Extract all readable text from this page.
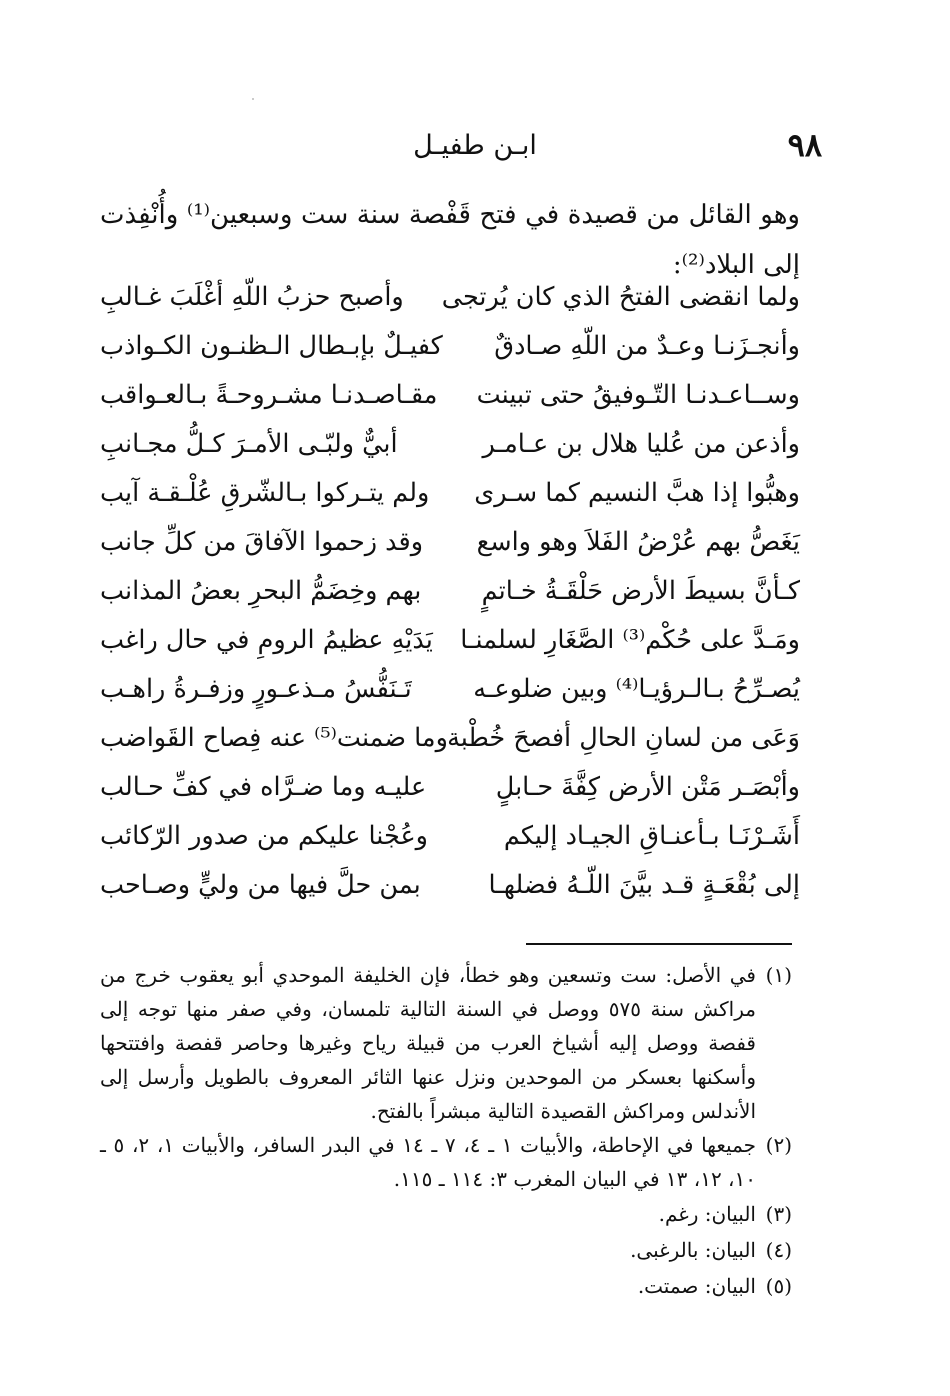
٩٨
ابـن طفيـل

وهو القائل من قصيدة في فتح قَفْصة سنة ست وسبعين⁽¹⁾ وأُنْفِذت إلى البلاد⁽²⁾:

ولما انقضى الفتحُ الذي كان يُرتجى
وأصبح حزبُ اللّهِ أغْلَبَ غـالبِ
وأنجـزَنـا وعـدٌ من اللّهِ صـادقٌ
كفيـلٌ بإبـطال الـظنـون الكـواذب
وســاعـدنـا التّـوفيقُ حتى تبينت
مقـاصـدنـا مشـروحـةً بـالعـواقب
وأذعن من عُليا هلال بن عـامـر
أبيٌّ ولبّـى الأمـرَ كـلُّ مجـانبِ
وهبُّوا إذا هبَّ النسيم كما سـرى
ولم يتـركوا بـالشّرقِ عُلْـقـة آيب
يَغَصُّ بهم عُرْضُ الفَلاَ وهو واسع
وقد زحموا الآفاقَ من كلِّ جانب
كـأنَّ بسيطَ الأرض حَلْقَـةُ خـاتمٍ
بهم وخِضَمُّ البحرِ بعضُ المذانب
ومَـدَّ على حُكْم⁽³⁾ الصَّغَارِ لسلمنـا
يَدَيْهِ عظيمُ الرومِ في حال راغب
يُصـرِّحُ بـالـرؤيـا⁽⁴⁾ وبين ضلوعـه
تَـنَفُّسُ مـذعـورٍ وزفـرةُ راهـب
وَعَى من لسانِ الحالِ أفصحَ خُطْبة
وما ضمنت⁽⁵⁾ عنه فِصاح القَواضب
وأبْصَـر مَتْن الأرض كِفَّةَ حـابلٍ
عليـه وما ضـرَّاه في كفِّ حـالب
أَشَـرْنَـا بـأعنـاقِ الجيـاد إليكم
وعُجْنا عليكم من صدور الرّكائب
إلى بُقْعَـةٍ قـد بيَّنَ اللّـهُ فضلهـا
بمن حلَّ فيها من وليٍّ وصـاحب
(١)
في الأصل: ست وتسعين وهو خطأ، فإن الخليفة الموحدي أبو يعقوب خرج من مراكش سنة ٥٧٥ ووصل في السنة التالية تلمسان، وفي صفر منها توجه إلى قفصة ووصل إليه أشياخ العرب من قبيلة رياح وغيرها وحاصر قفصة وافتتحها وأسكنها بعسكر من الموحدين ونزل عنها الثائر المعروف بالطويل وأرسل إلى الأندلس ومراكش القصيدة التالية مبشراً بالفتح.
(٢)
جميعها في الإحاطة، والأبيات ١ ـ ٤، ٧ ـ ١٤ في البدر السافر، والأبيات ١، ٢، ٥ ـ ١٠، ١٢، ١٣ في البيان المغرب ٣: ١١٤ ـ ١١٥.
(٣)
البيان: رغم.
(٤)
البيان: بالرغبى.
(٥)
البيان: صمتت.
